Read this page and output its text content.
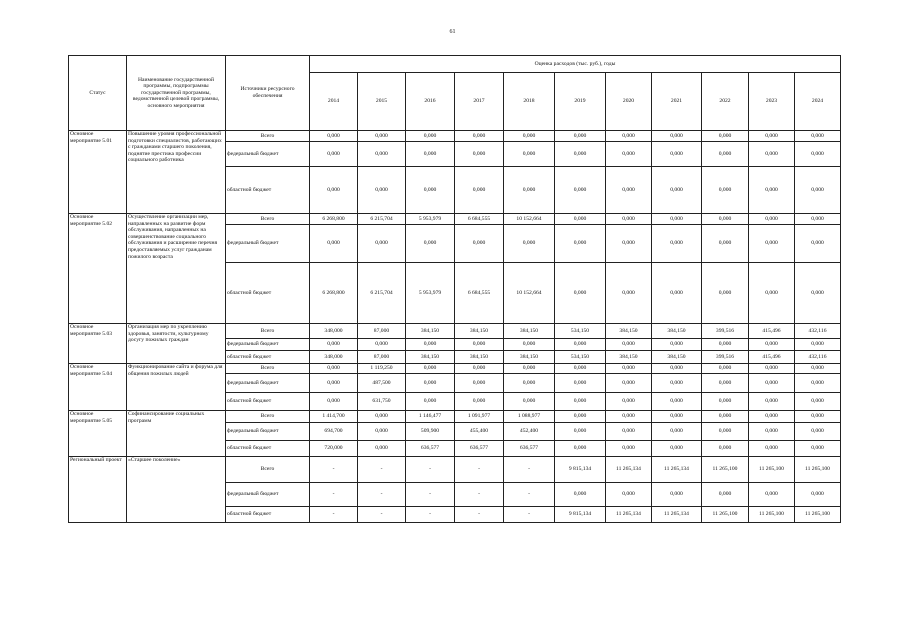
61
Статус	Наименование государственной программы, подпрограммы государственной программы, ведомственной целевой программы, основного мероприятия	Источники ресурсного обеспечения	Оценка расходов (тыс. руб.), годы										
			2014	2015	2016	2017	2018	2019	2020	2021	2022	2023	2024
Основное мероприятие 5.01	Повышение уровня профессиональной подготовки специалистов, работающих с гражданами старшего поколения, поднятие престижа профессии социального работника	Всего	0,000	0,000	0,000	0,000	0,000	0,000	0,000	0,000	0,000	0,000	0,000
		федеральный бюджет	0,000	0,000	0,000	0,000	0,000	0,000	0,000	0,000	0,000	0,000	0,000
		областной бюджет	0,000	0,000	0,000	0,000	0,000	0,000	0,000	0,000	0,000	0,000	0,000
Основное мероприятие 5.02	Осуществление организации мер, направленных на развитие форм обслуживания, направленных на совершенствование социального обслуживания и расширение перечня предоставляемых услуг гражданам пожилого возраста	Всего	6 268,800	6 215,704	5 953,979	6 684,555	10 152,664	0,000	0,000	0,000	0,000	0,000	0,000
		федеральный бюджет	0,000	0,000	0,000	0,000	0,000	0,000	0,000	0,000	0,000	0,000	0,000
		областной бюджет	6 268,800	6 215,704	5 953,979	6 684,555	10 152,664	0,000	0,000	0,000	0,000	0,000	0,000
Основное мероприятие 5.03	Организация мер по укреплению здоровья, занятости, культурному досугу пожилых граждан	Всего	348,000	87,000	384,150	384,150	384,150	534,150	384,150	384,150	399,516	415,496	432,116
		федеральный бюджет	0,000	0,000	0,000	0,000	0,000	0,000	0,000	0,000	0,000	0,000	0,000
		областной бюджет	348,000	87,000	384,150	384,150	384,150	534,150	384,150	384,150	399,516	415,496	432,116
Основное мероприятие 5.04	Функционирование сайта и форума для общения пожилых людей	Всего	0,000	1 119,250	0,000	0,000	0,000	0,000	0,000	0,000	0,000	0,000	0,000
		федеральный бюджет	0,000	487,500	0,000	0,000	0,000	0,000	0,000	0,000	0,000	0,000	0,000
		областной бюджет	0,000	631,750	0,000	0,000	0,000	0,000	0,000	0,000	0,000	0,000	0,000
Основное мероприятие 5.05	Софинансирование социальных программ	Всего	1 414,700	0,000	1 146,477	1 091,977	1 088,977	0,000	0,000	0,000	0,000	0,000	0,000
		федеральный бюджет	694,700	0,000	509,900	455,400	452,400	0,000	0,000	0,000	0,000	0,000	0,000
		областной бюджет	720,000	0,000	636,577	636,577	636,577	0,000	0,000	0,000	0,000	0,000	0,000
Региональный проект	«Старшее поколение»	Всего	-	-	-	-	-	9 815,134	11 265,134	11 265,134	11 265,100	11 265,100	11 265,100
		федеральный бюджет	-	-	-	-	-	0,000	0,000	0,000	0,000	0,000	0,000
		областной бюджет	-	-	-	-	-	9 815,134	11 265,134	11 265,134	11 265,100	11 265,100	11 265,100
